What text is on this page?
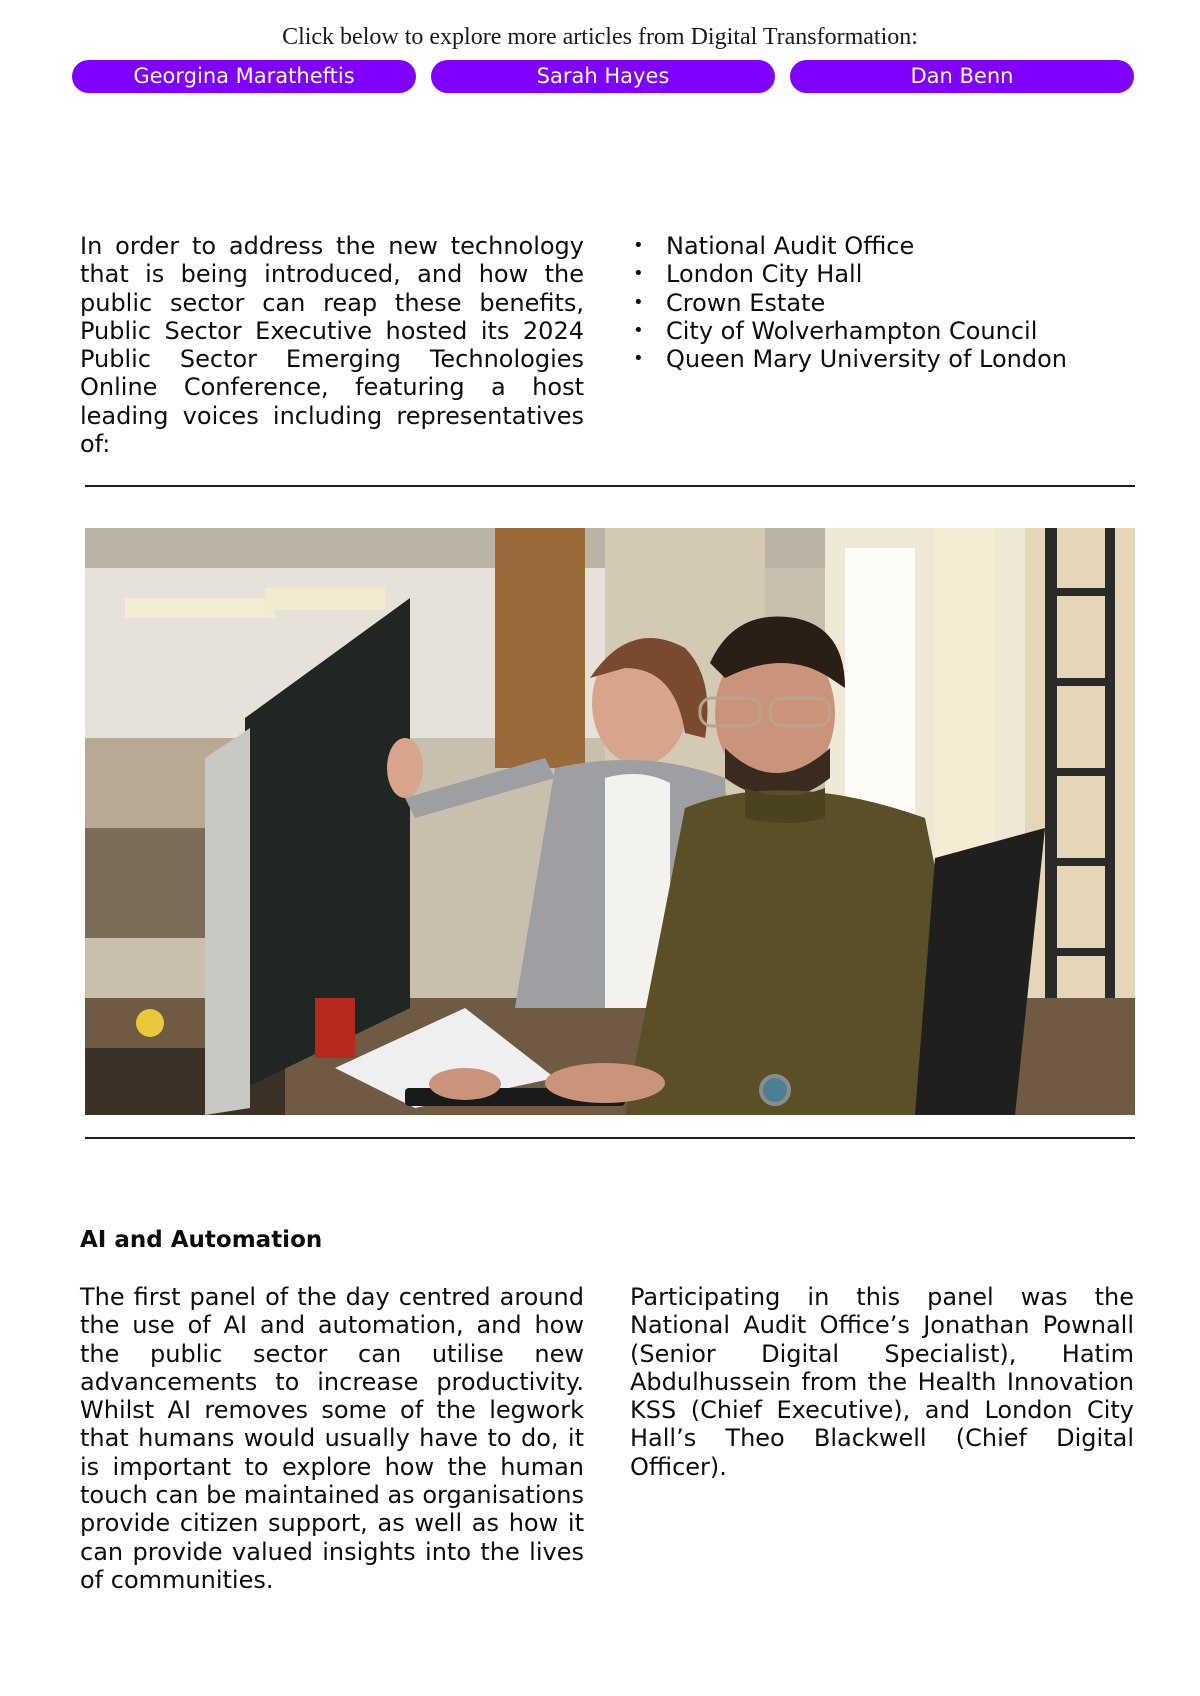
Click below to explore more articles from Digital Transformation:
Georgina Maratheftis	Sarah Hayes	Dan Benn
In order to address the new technology that is being introduced, and how the public sector can reap these benefits, Public Sector Executive hosted its 2024 Public Sector Emerging Technologies Online Conference, featuring a host leading voices including representatives of:
• National Audit Office
• London City Hall
• Crown Estate
• City of Wolverhampton Council
• Queen Mary University of London
AI and Automation
The first panel of the day centred around the use of AI and automation, and how the public sector can utilise new advancements to increase productivity. Whilst AI removes some of the legwork that humans would usually have to do, it is important to explore how the human touch can be maintained as organisations provide citizen support, as well as how it can provide valued insights into the lives of communities.
Participating in this panel was the National Audit Office’s Jonathan Pownall (Senior Digital Specialist), Hatim Abdulhussein from the Health Innovation KSS (Chief Executive), and London City Hall’s Theo Blackwell (Chief Digital Officer).
